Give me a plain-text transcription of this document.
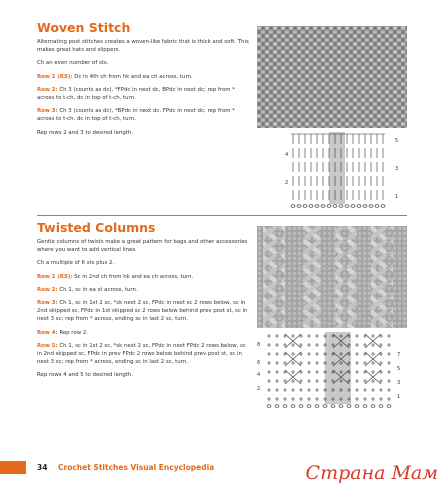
Woven Stitch
Alternating post stitches creates a woven-like fabric that is thick and soft. This makes great hats and slippers.
Ch an even number of sts.
Row 1 (RS): Dc in 4th ch from hk and ea ch across, turn.
Row 2: Ch 3 (counts as dc), *FPdc in next dc, BPdc in next dc; rep from * across to t-ch, dc in top of t-ch, turn.
Row 3: Ch 3 (counts as dc), *BPdc in next dc, FPdc in next dc; rep from * across to t-ch, dc in top of t-ch, turn.
Rep rows 2 and 3 to desired length.
5
3
1
4
2
Twisted Columns
Gentle columns of twists make a great pattern for bags and other accessories where you want to add vertical lines.
Ch a multiple of 6 sts plus 2.
Row 1 (RS): Sc in 2nd ch from hk and ea ch across, turn.
Row 2: Ch 1, sc in ea st across, turn.
Row 3: Ch 1, sc in 1st 2 sc, *sk next 2 sc, FPdc in next sc 2 rows below, sc in 2nd skipped sc, FPdc in 1st skipped sc 2 rows below behind prev post st, sc in next 3 sc; rep from * across, ending sc in last 2 sc, turn.
Row 4: Rep row 2.
Row 5: Ch 1, sc in 1st 2 sc, *sk next 2 sc, FPdc in next FPdc 2 rows below, sc in 2nd skipped sc, FPdc in prev FPdc 2 rows below behind prev post st, sc in next 3 sc; rep from * across, ending sc in last 2 sc, turn.
Rep rows 4 and 5 to desired length.
7
5
3
1
8
6
4
2
34 Crochet Stitches Visual Encyclopedia	Страна Мам
